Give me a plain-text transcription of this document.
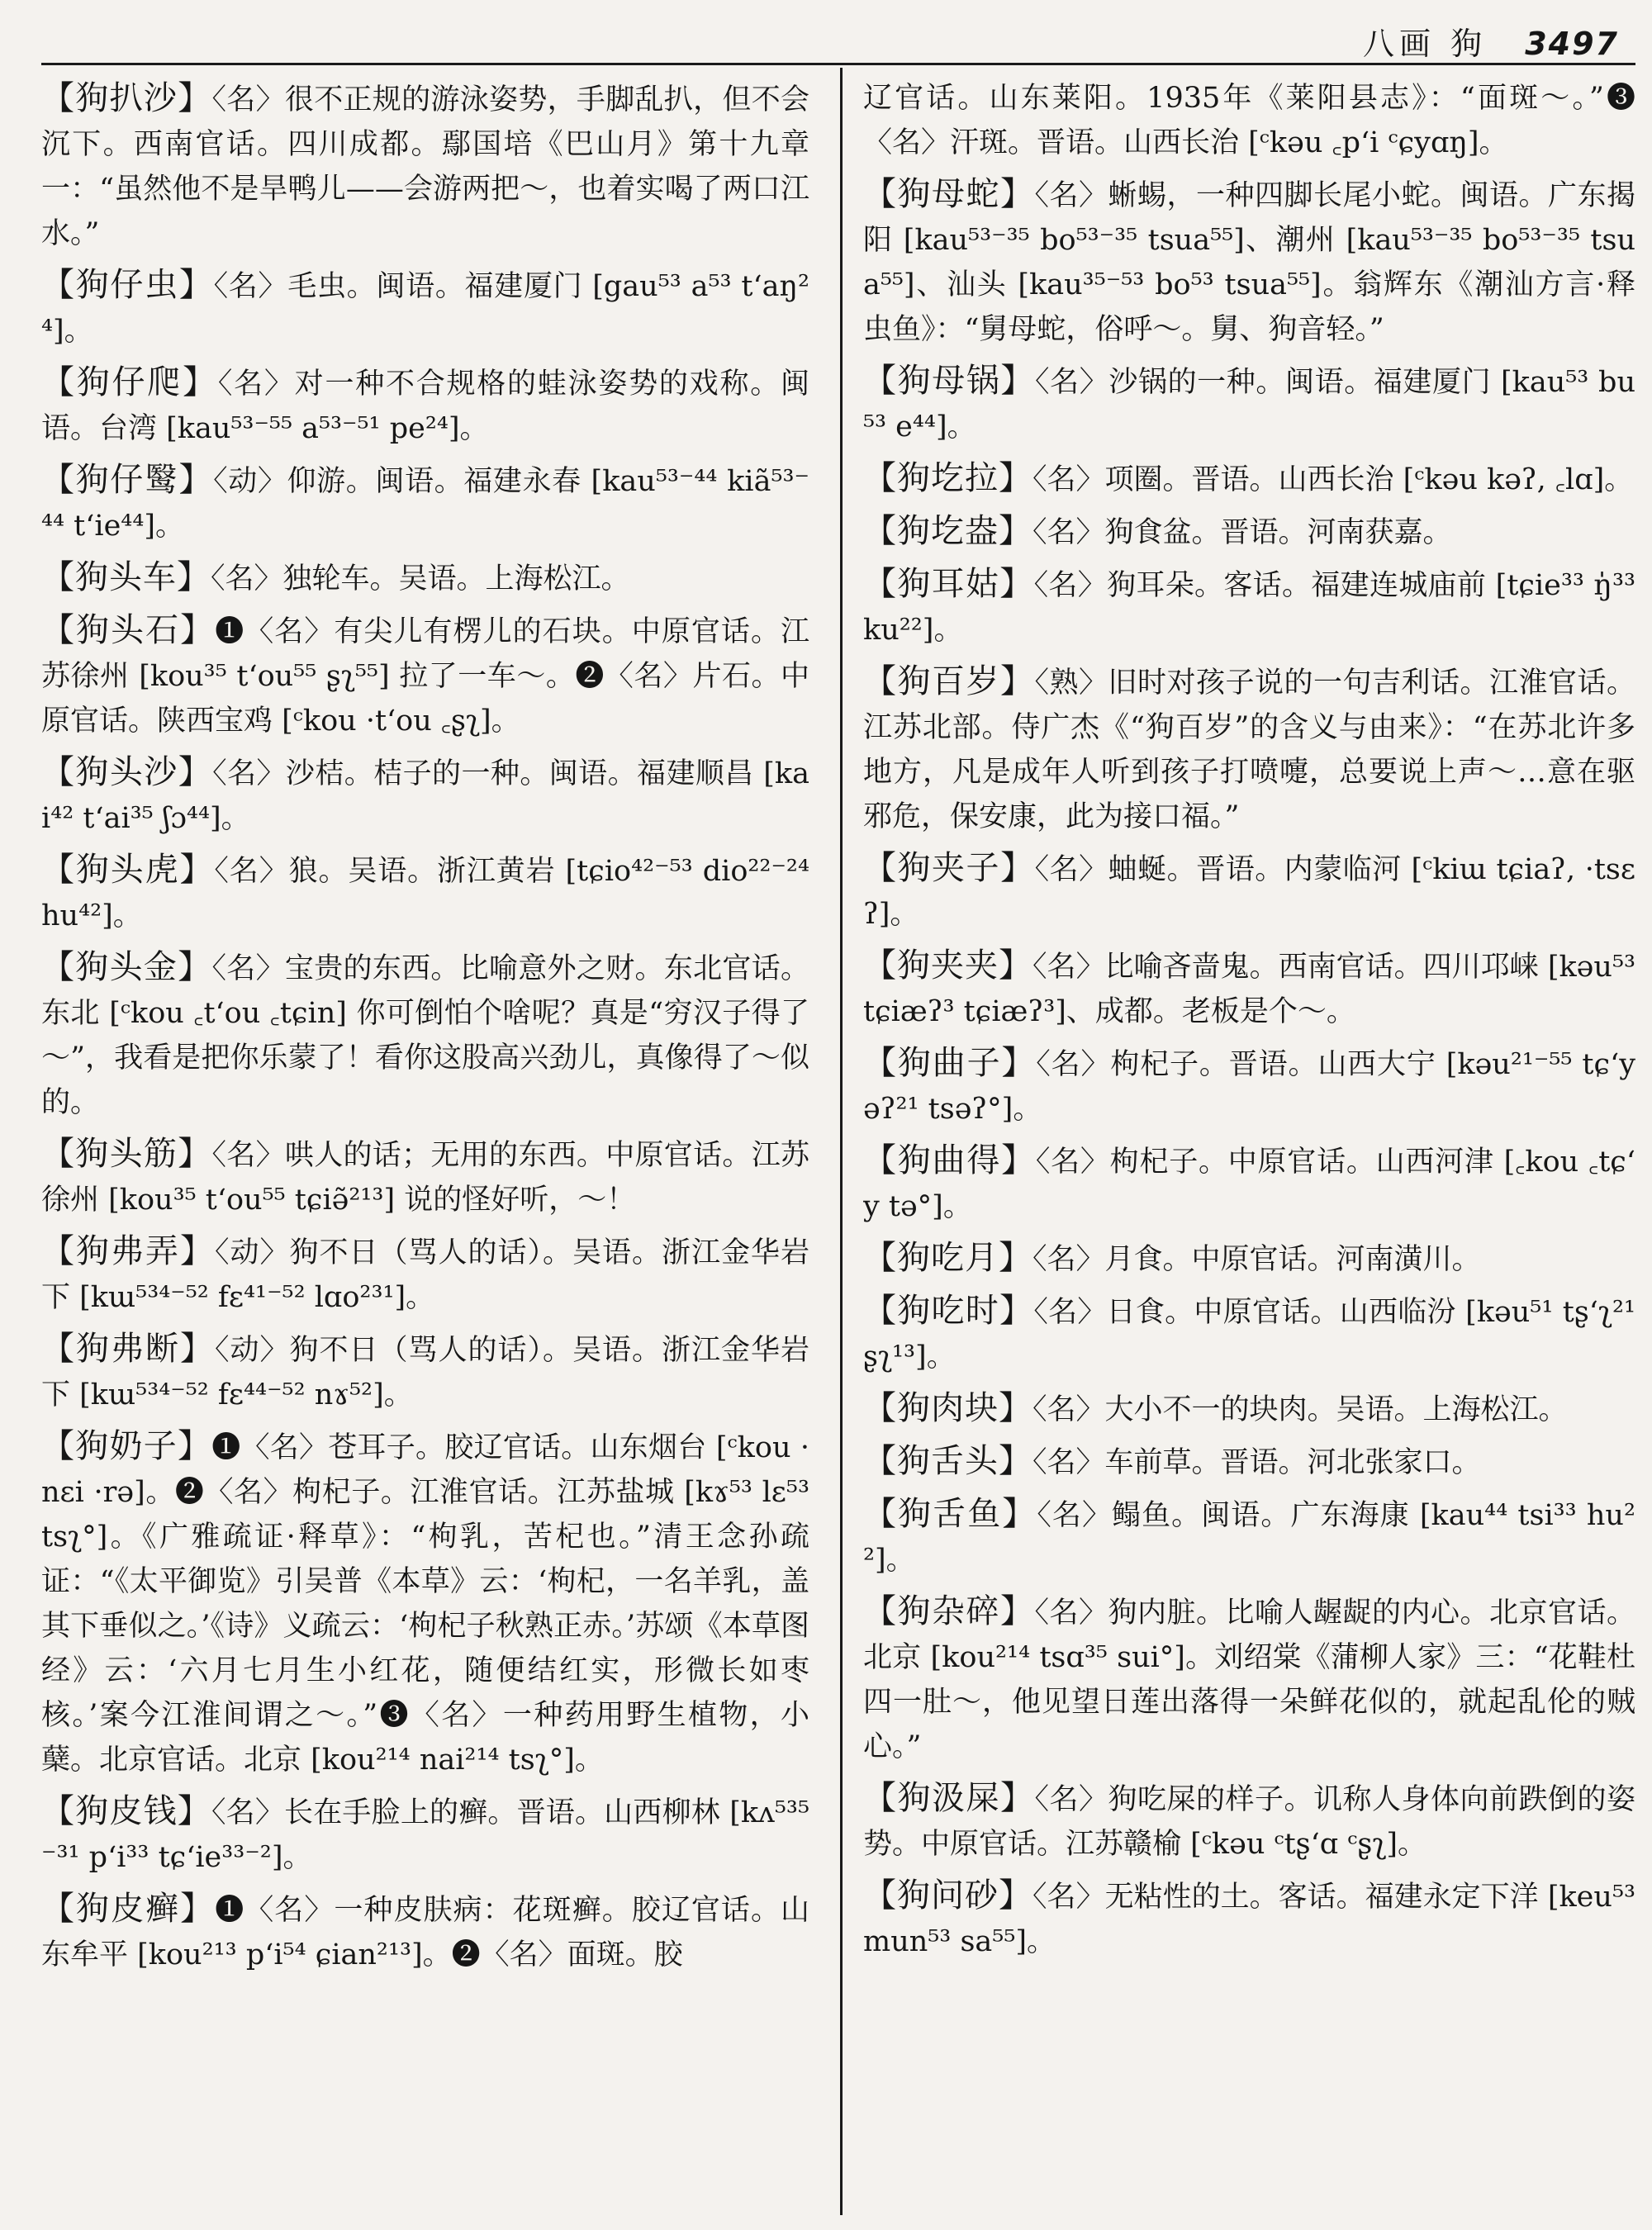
八画 狗 3497

【狗扒沙】〈名〉很不正规的游泳姿势，手脚乱扒，但不会沉下。西南官话。四川成都。鄢国培《巴山月》第十九章一：“虽然他不是旱鸭儿——会游两把～，也着实喝了两口江水。”

【狗仔虫】〈名〉毛虫。闽语。福建厦门 [gau⁵³ a⁵³ tʻaŋ²⁴]。

【狗仔爬】〈名〉对一种不合规格的蛙泳姿势的戏称。闽语。台湾 [kau⁵³⁻⁵⁵ a⁵³⁻⁵¹ pe²⁴]。

【狗仔鹥】〈动〉仰游。闽语。福建永春 [kau⁵³⁻⁴⁴ kiã⁵³⁻⁴⁴ tʻie⁴⁴]。

【狗头车】〈名〉独轮车。吴语。上海松江。

【狗头石】❶〈名〉有尖儿有楞儿的石块。中原官话。江苏徐州 [kou³⁵ tʻou⁵⁵ ʂʅ⁵⁵] 拉了一车～。❷〈名〉片石。中原官话。陕西宝鸡 [ᶜkou ·tʻou ꜀ʂʅ]。

【狗头沙】〈名〉沙桔。桔子的一种。闽语。福建顺昌 [kai⁴² tʻai³⁵ ʃɔ⁴⁴]。

【狗头虎】〈名〉狼。吴语。浙江黄岩 [tɕio⁴²⁻⁵³ dio²²⁻²⁴ hu⁴²]。

【狗头金】〈名〉宝贵的东西。比喻意外之财。东北官话。东北 [ᶜkou ꜀tʻou ꜀tɕin] 你可倒怕个啥呢？真是“穷汉子得了～”，我看是把你乐蒙了！看你这股高兴劲儿，真像得了～似的。

【狗头筋】〈名〉哄人的话；无用的东西。中原官话。江苏徐州 [kou³⁵ tʻou⁵⁵ tɕiə̃²¹³] 说的怪好听，～！

【狗弗弄】〈动〉狗不日（骂人的话）。吴语。浙江金华岩下 [kɯ⁵³⁴⁻⁵² fɛ⁴¹⁻⁵² lɑo²³¹]。

【狗弗断】〈动〉狗不日（骂人的话）。吴语。浙江金华岩下 [kɯ⁵³⁴⁻⁵² fɛ⁴⁴⁻⁵² nɤ⁵²]。

【狗奶子】❶〈名〉苍耳子。胶辽官话。山东烟台 [ᶜkou ·nɛi ·rə]。❷〈名〉枸杞子。江淮官话。江苏盐城 [kɤ⁵³ lɛ⁵³ tsʅ°]。《广雅疏证·释草》：“枸乳，苦杞也。”清王念孙疏证：“《太平御览》引吴普《本草》云：‘枸杞，一名羊乳，盖其下垂似之。’《诗》义疏云：‘枸杞子秋熟正赤。’苏颂《本草图经》云：‘六月七月生小红花，随便结红实，形微长如枣核。’案今江淮间谓之～。”❸〈名〉一种药用野生植物，小蘖。北京官话。北京 [kou²¹⁴ nai²¹⁴ tsʅ°]。

【狗皮钱】〈名〉长在手脸上的癣。晋语。山西柳林 [kʌ⁵³⁵⁻³¹ pʻi³³ tɕʻie³³⁻²]。

【狗皮癣】❶〈名〉一种皮肤病：花斑癣。胶辽官话。山东牟平 [kou²¹³ pʻi⁵⁴ ɕian²¹³]。❷〈名〉面斑。胶

辽官话。山东莱阳。1935年《莱阳县志》：“面斑～。”❸〈名〉汗斑。晋语。山西长治 [ᶜkəu ꜀pʻi ᶜɕyɑŋ]。

【狗母蛇】〈名〉蜥蜴，一种四脚长尾小蛇。闽语。广东揭阳 [kau⁵³⁻³⁵ bo⁵³⁻³⁵ tsua⁵⁵]、潮州 [kau⁵³⁻³⁵ bo⁵³⁻³⁵ tsua⁵⁵]、汕头 [kau³⁵⁻⁵³ bo⁵³ tsua⁵⁵]。翁辉东《潮汕方言·释虫鱼》：“舅母蛇，俗呼～。舅、狗音轻。”

【狗母锅】〈名〉沙锅的一种。闽语。福建厦门 [kau⁵³ bu⁵³ e⁴⁴]。

【狗圪拉】〈名〉项圈。晋语。山西长治 [ᶜkəu kəʔ, ꜀lɑ]。

【狗圪盎】〈名〉狗食盆。晋语。河南获嘉。

【狗耳姑】〈名〉狗耳朵。客话。福建连城庙前 [tɕie³³ ŋ̍³³ ku²²]。

【狗百岁】〈熟〉旧时对孩子说的一句吉利话。江淮官话。江苏北部。侍广杰《“狗百岁”的含义与由来》：“在苏北许多地方，凡是成年人听到孩子打喷嚏，总要说上声～…意在驱邪危，保安康，此为接口福。”

【狗夹子】〈名〉蚰蜒。晋语。内蒙临河 [ᶜkiɯ tɕiaʔ, ·tsɛʔ]。

【狗夹夹】〈名〉比喻吝啬鬼。西南官话。四川邛崃 [kəu⁵³ tɕiæʔ³ tɕiæʔ³]、成都。老板是个～。

【狗曲子】〈名〉枸杞子。晋语。山西大宁 [kəu²¹⁻⁵⁵ tɕʻyəʔ²¹ tsəʔ°]。

【狗曲得】〈名〉枸杞子。中原官话。山西河津 [꜀kou ꜀tɕʻy tə°]。

【狗吃月】〈名〉月食。中原官话。河南潢川。

【狗吃时】〈名〉日食。中原官话。山西临汾 [kəu⁵¹ tʂʻʅ²¹ ʂʅ¹³]。

【狗肉块】〈名〉大小不一的块肉。吴语。上海松江。

【狗舌头】〈名〉车前草。晋语。河北张家口。

【狗舌鱼】〈名〉鳎鱼。闽语。广东海康 [kau⁴⁴ tsi³³ hu²²]。

【狗杂碎】〈名〉狗内脏。比喻人龌龊的内心。北京官话。北京 [kou²¹⁴ tsɑ³⁵ sui°]。刘绍棠《蒲柳人家》三：“花鞋杜四一肚～，他见望日莲出落得一朵鲜花似的，就起乱伦的贼心。”

【狗汲屎】〈名〉狗吃屎的样子。讥称人身体向前跌倒的姿势。中原官话。江苏赣榆 [ᶜkəu ᶜtʂʻɑ ᶜʂʅ]。

【狗问砂】〈名〉无粘性的土。客话。福建永定下洋 [keu⁵³ mun⁵³ sa⁵⁵]。
